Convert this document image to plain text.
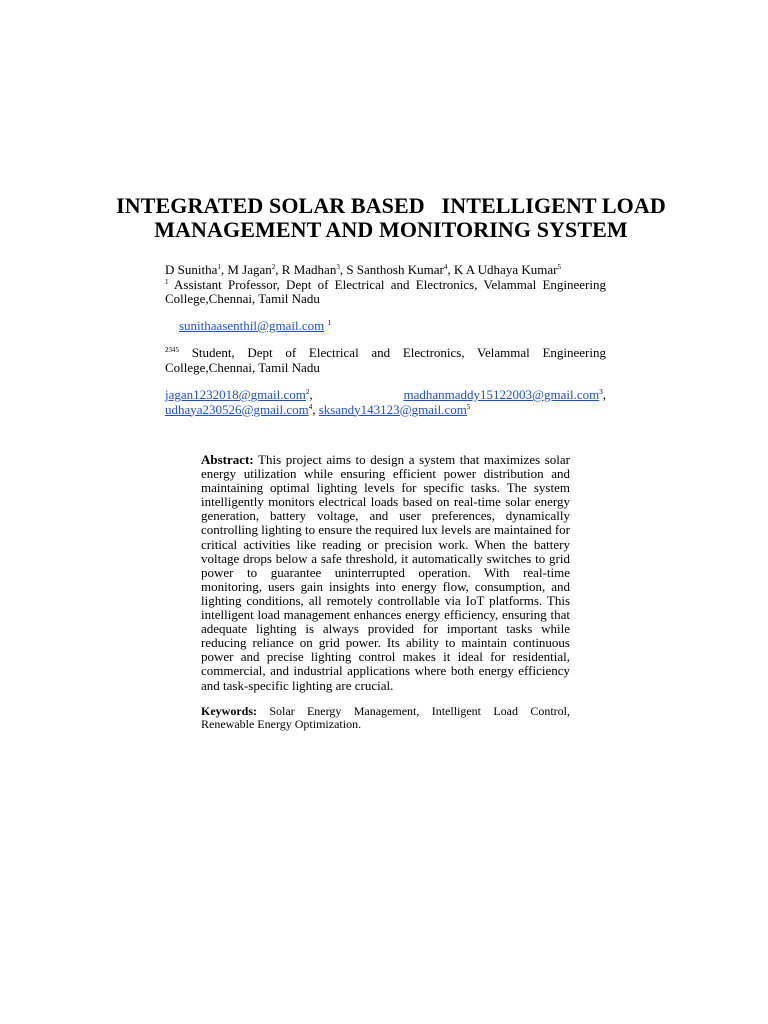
INTEGRATED SOLAR BASED   INTELLIGENT LOAD
MANAGEMENT AND MONITORING SYSTEM

D Sunitha$^1$, M Jagan$^2$, R Madhan$^3$, S Santhosh Kumar$^4$, K A Udhaya Kumar$^5$

$^1$ Assistant Professor, Dept of Electrical and Electronics, Velammal Engineering

College,Chennai, Tamil Nadu

sunithaasenthil@gmail.com $^1$

$^{2345}$ Student, Dept of Electrical and Electronics, Velammal Engineering

College,Chennai, Tamil Nadu

jagan1232018@gmail.com$^2$,	madhanmaddy15122003@gmail.com$^3$,
udhaya230526@gmail.com$^4$, sksandy143123@gmail.com$^5$
Abstract: This project aims to design a system that maximizes solar energy utilization while ensuring efficient power distribution and maintaining optimal lighting levels for specific tasks. The system intelligently monitors electrical loads based on real-time solar energy generation, battery voltage, and user preferences, dynamically controlling lighting to ensure the required lux levels are maintained for critical activities like reading or precision work. When the battery voltage drops below a safe threshold, it automatically switches to grid power to guarantee uninterrupted operation. With real-time monitoring, users gain insights into energy flow, consumption, and lighting conditions, all remotely controllable via IoT platforms. This intelligent load management enhances energy efficiency, ensuring that adequate lighting is always provided for important tasks while reducing reliance on grid power. Its ability to maintain continuous power and precise lighting control makes it ideal for residential, commercial, and industrial applications where both energy efficiency and task-specific lighting are crucial.
Keywords: Solar Energy Management, Intelligent Load Control, Renewable Energy Optimization.
